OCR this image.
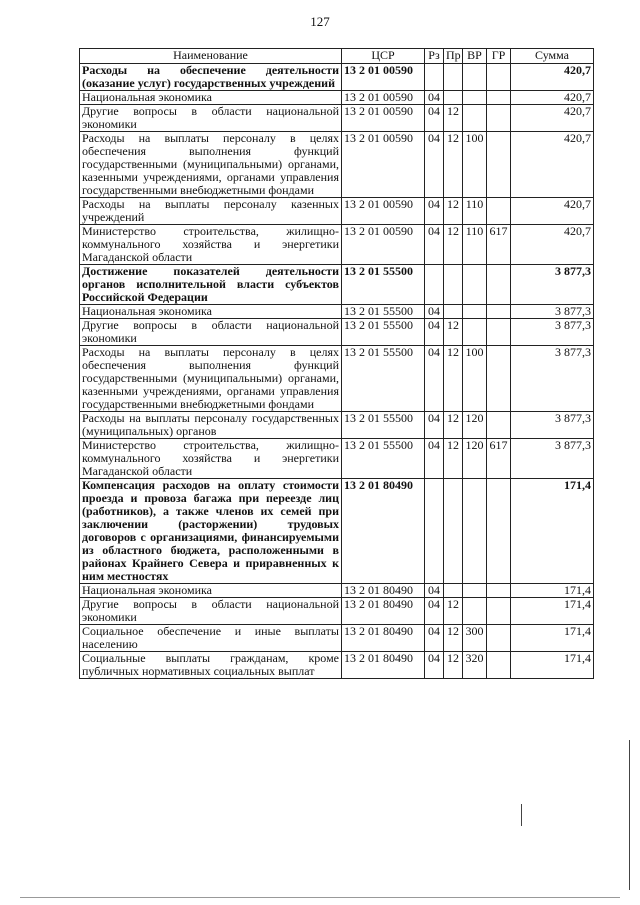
127
Наименование	ЦСР	Рз	Пр	ВР	ГР	Сумма
Расходы на обеспечение деятельности (оказание услуг) государственных учреждений	13 2 01 00590					420,7
Национальная экономика	13 2 01 00590	04				420,7
Другие вопросы в области национальной экономики	13 2 01 00590	04	12			420,7
Расходы на выплаты персоналу в целях обеспечения выполнения функций государственными (муниципальными) органами, казенными учреждениями, органами управления государственными внебюджетными фондами	13 2 01 00590	04	12	100		420,7
Расходы на выплаты персоналу казенных учреждений	13 2 01 00590	04	12	110		420,7
Министерство строительства, жилищно-коммунального хозяйства и энергетики Магаданской области	13 2 01 00590	04	12	110	617	420,7
Достижение показателей деятельности органов исполнительной власти субъектов Российской Федерации	13 2 01 55500					3 877,3
Национальная экономика	13 2 01 55500	04				3 877,3
Другие вопросы в области национальной экономики	13 2 01 55500	04	12			3 877,3
Расходы на выплаты персоналу в целях обеспечения выполнения функций государственными (муниципальными) органами, казенными учреждениями, органами управления государственными внебюджетными фондами	13 2 01 55500	04	12	100		3 877,3
Расходы на выплаты персоналу государственных (муниципальных) органов	13 2 01 55500	04	12	120		3 877,3
Министерство строительства, жилищно-коммунального хозяйства и энергетики Магаданской области	13 2 01 55500	04	12	120	617	3 877,3
Компенсация расходов на оплату стоимости проезда и провоза багажа при переезде лиц (работников), а также членов их семей при заключении (расторжении) трудовых договоров с организациями, финансируемыми из областного бюджета, расположенными в районах Крайнего Севера и приравненных к ним местностях	13 2 01 80490					171,4
Национальная экономика	13 2 01 80490	04				171,4
Другие вопросы в области национальной экономики	13 2 01 80490	04	12			171,4
Социальное обеспечение и иные выплаты населению	13 2 01 80490	04	12	300		171,4
Социальные выплаты гражданам, кроме публичных нормативных социальных выплат	13 2 01 80490	04	12	320		171,4
